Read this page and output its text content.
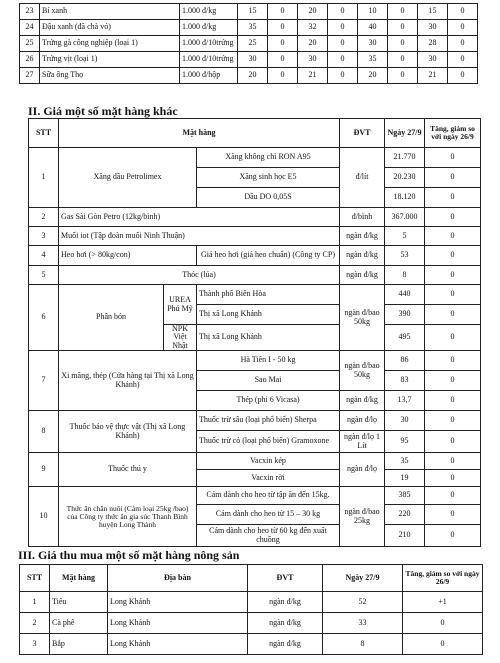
23	Bí xanh	1.000 đ/kg	15	0	20	0	10	0	15	0
24	Đậu xanh (đã chà vỏ)	1.000 đ/kg	35	0	32	0	40	0	30	0
25	Trứng gà công nghiệp (loại 1)	1.000 đ/10trứng	25	0	20	0	30	0	28	0
26	Trứng vịt (loại 1)	1.000 đ/10trứng	30	0	30	0	35	0	30	0
27	Sữa ông Thọ	1.000 đ/hộp	20	0	21	0	20	0	21	0
II. Giá một số mặt hàng khác
STT	Mặt hàng			ĐVT	Ngày 27/9	Tăng, giảm so với ngày 26/9
1	Xăng dầu Petrolimex		Xăng không chì RON A95	đ/lít	21.770	0
			Xăng sinh học E5		20.230	0
			Dầu DO 0,05S		18.120	0
2	Gas Sài Gòn Petro (12kg/bình)			đ/bình	367.000	0
3	Muối iot (Tập đoàn muối Ninh Thuận)			ngàn đ/kg	5	0
4	Heo hơi (> 80kg/con)		Giá heo hơi (giá heo chuẩn) (Công ty CP)	ngàn đ/kg	53	0
5	Thóc (lúa)			ngàn đ/kg	8	0
6	Phân bón	UREA Phú Mỹ	Thành phố Biên Hòa	ngàn đ/bao 50kg	440	0
			Thị xã Long Khánh		390	0
		NPK Việt Nhật	Thị xã Long Khánh		495	0
7	Xi măng, thép (Cửa hàng tại Thị xã Long Khánh)		Hà Tiên I - 50 kg	ngàn đ/bao 50kg	86	0
			Sao Mai		83	0
			Thép (phi 6 Vicasa)	ngàn đ/kg	13,7	0
8	Thuốc bảo vệ thực vật (Thị xã Long Khánh)		Thuốc trừ sâu (loại phổ biến) Sherpa	ngàn đ/lọ	30	0
			Thuốc trừ cỏ (loại phổ biến) Gramoxone	ngàn đ/lọ 1 Lít	95	0
9	Thuốc thú y		Vacxin kép	ngàn đ/lọ	35	0
			Vacxin rời		19	0
10	Thức ăn chăn nuôi (Cám loại 25kg /bao) của Công ty thức ăn gia súc Thanh Bình huyện Long Thành		Cám dành cho heo từ tập ăn đến 15kg.	ngàn đ/bao 25kg	385	0
			Cám dành cho heo từ 15 – 30 kg		220	0
			Cám dành cho heo từ 60 kg đến xuất chuồng		210	0
III. Giá thu mua một số mặt hàng nông sản
STT	Mặt hàng	Địa bàn	ĐVT	Ngày 27/9	Tăng, giảm so với ngày 26/9
1	Tiêu	Long Khánh	ngàn đ/kg	52	+1
2	Cà phê	Long Khánh	ngàn đ/kg	33	0
3	Bắp	Long Khánh	ngàn đ/kg	8	0
